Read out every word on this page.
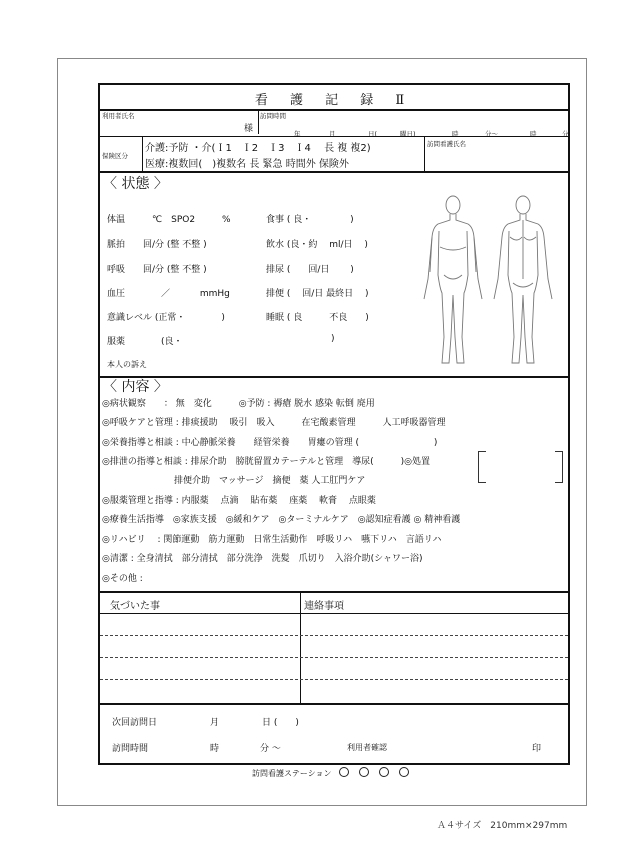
看 護 記 録 Ⅱ
利用者氏名
様
訪問時間
年	月	日(	曜日)	時	分〜	時	分
保険区分
介護:予防 ・介(Ｉ1　Ｉ2　Ｉ3　Ｉ4　 長 複 複2)
医療:複数回(　)複数名 長 緊急 時間外 保険外
訪問看護氏名
〈 状態 〉
体温　　　℃　SPO2　　　%	食事 ( 良・　　　　 )
脈拍　　回/分 (整 不整 )	飲水 (良・約　 ml/日　 )
呼吸　　回/分 (整 不整 )	排尿 (　　回/日　　 )
血圧　　　　／　　　 mmHg	排便 (　 回/日 最終日　 )
意識レベル (正常・　　　　)	睡眠 ( 良　　　不良　　)
服薬　　　　(良・	)
本人の訴え
〈 内容 〉
◎病状観察　　： 無　変化　　　◎予防 : 褥瘡 脱水 感染 転倒 廃用
◎呼吸ケアと管理 : 排痰援助　 吸引　吸入　　　在宅酸素管理　　　人工呼吸器管理
◎栄養指導と相談 : 中心静脈栄養　　経管栄養　　胃瘻の管理 (　　　　　　　　 )
◎排泄の指導と相談 : 排尿介助　膀胱留置カテーテルと管理　導尿(　　　)◎処置
　　　　　　　　排便介助　マッサージ　摘便　薬 人工肛門ケア
◎服薬管理と指導 : 内服薬　 点滴　 貼布薬　 座薬　 軟膏　 点眼薬
◎療養生活指導　◎家族支援　◎緩和ケア　◎ターミナルケア　◎認知症看護 ◎ 精神看護
◎リハビリ　 : 関節運動　筋力運動　日常生活動作　呼吸リハ　嚥下リハ　言語リハ
◎清潔 : 全身清拭　部分清拭　部分洗浄　洗髪　爪切り　入浴介助(シャワー浴)
◎その他 :
気づいた事	連絡事項
次回訪問日	月	日 (　　)
訪問時間	時	分 〜	利用者確認	印
訪問看護ステーション
Ａ４サイズ　210mm×297mm
